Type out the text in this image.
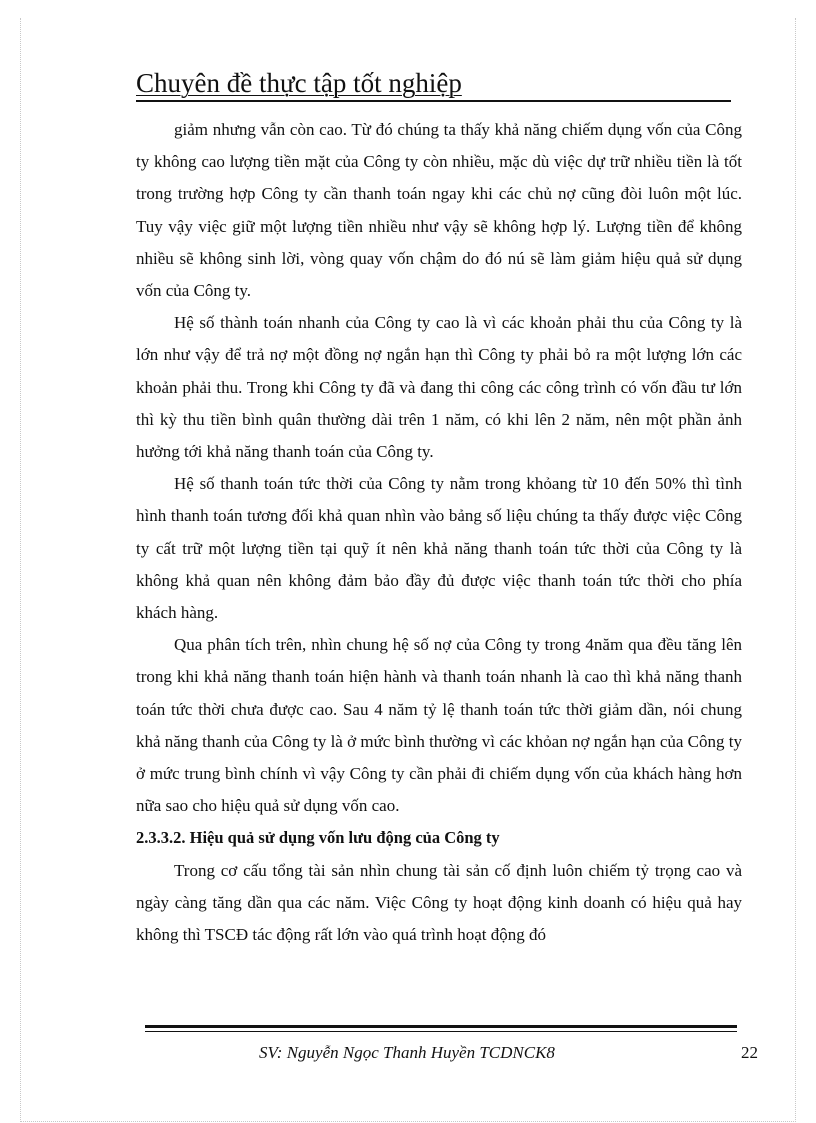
Chuyên đề thực tập tốt nghiệp

giảm nhưng vẫn còn cao. Từ đó chúng ta thấy khả năng chiếm dụng vốn của Công ty không cao lượng tiền mặt của Công ty còn nhiều, mặc dù việc dự trữ nhiều tiền là tốt trong trường hợp Công ty cần thanh toán ngay khi các chủ nợ cũng đòi luôn một lúc. Tuy vậy việc giữ một lượng tiền nhiều như vậy sẽ không hợp lý. Lượng tiền để không nhiều sẽ không sinh lời, vòng quay vốn chậm do đó nú sẽ làm giảm hiệu quả sử dụng vốn của Công ty.

Hệ số thành toán nhanh của Công ty cao là vì các khoản phải thu của Công ty là lớn như vậy để trả nợ một đồng nợ ngắn hạn thì Công ty phải bỏ ra một lượng lớn các khoản phải thu. Trong khi Công ty đã và đang thi công các công trình có vốn đầu tư lớn thì kỳ thu tiền bình quân thường dài trên 1 năm, có khi lên 2 năm, nên một phần ảnh hưởng tới khả năng thanh toán của Công ty.

Hệ số thanh toán tức thời của Công ty nằm trong khỏang từ 10 đến 50% thì tình hình thanh toán tương đối khả quan nhìn vào bảng số liệu chúng ta thấy được việc Công ty cất trữ một lượng tiền tại quỹ ít nên khả năng thanh toán tức thời của Công ty là không khả quan nên không đảm bảo đầy đủ được việc thanh toán tức thời cho phía khách hàng.

Qua phân tích trên, nhìn chung hệ số nợ của Công ty trong 4năm qua đều tăng lên trong khi khả năng thanh toán hiện hành và thanh toán nhanh là cao thì khả năng thanh toán tức thời chưa được cao. Sau 4 năm tỷ lệ thanh toán tức thời giảm dần, nói chung khả năng thanh của Công ty là ở mức bình thường vì các khỏan nợ ngắn hạn của Công ty ở mức trung bình chính vì vậy Công ty cần phải đi chiếm dụng vốn của khách hàng hơn nữa sao cho hiệu quả sử dụng vốn cao.

2.3.3.2. Hiệu quả sử dụng vốn lưu động của Công ty

Trong cơ cấu tổng tài sản nhìn chung tài sản cố định luôn chiếm tỷ trọng cao và ngày càng tăng dần qua các năm. Việc Công ty hoạt động kinh doanh có hiệu quả hay không thì TSCĐ tác động rất lớn vào quá trình hoạt động đó

SV: Nguyễn Ngọc Thanh Huyền TCDNCK8	22
